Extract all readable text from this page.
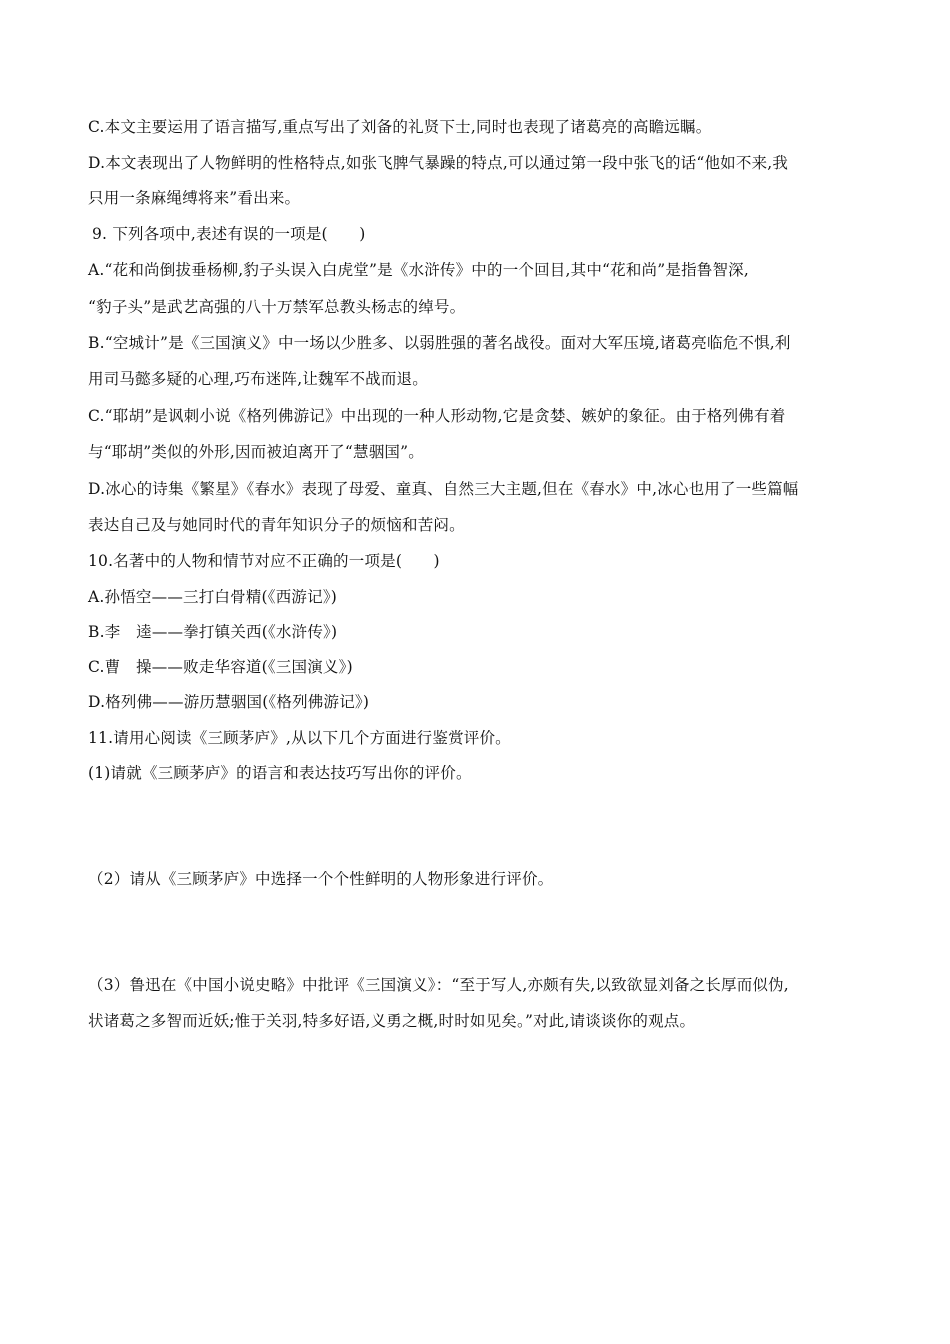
C.本文主要运用了语言描写,重点写出了刘备的礼贤下士,同时也表现了诸葛亮的高瞻远瞩。
D.本文表现出了人物鲜明的性格特点,如张飞脾气暴躁的特点,可以通过第一段中张飞的话“他如不来,我
只用一条麻绳缚将来”看出来。
9. 下列各项中,表述有误的一项是(　　)
A.“花和尚倒拔垂杨柳,豹子头误入白虎堂”是《水浒传》中的一个回目,其中“花和尚”是指鲁智深,
“豹子头”是武艺高强的八十万禁军总教头杨志的绰号。
B.“空城计”是《三国演义》中一场以少胜多、以弱胜强的著名战役。面对大军压境,诸葛亮临危不惧,利
用司马懿多疑的心理,巧布迷阵,让魏军不战而退。
C.“耶胡”是讽刺小说《格列佛游记》中出现的一种人形动物,它是贪婪、嫉妒的象征。由于格列佛有着
与“耶胡”类似的外形,因而被迫离开了“慧骃国”。
D.冰心的诗集《繁星》《春水》表现了母爱、童真、自然三大主题,但在《春水》中,冰心也用了一些篇幅
表达自己及与她同时代的青年知识分子的烦恼和苦闷。
10.名著中的人物和情节对应不正确的一项是(　　)
A.孙悟空——三打白骨精(《西游记》)
B.李　逵——拳打镇关西(《水浒传》)
C.曹　操——败走华容道(《三国演义》)
D.格列佛——游历慧骃国(《格列佛游记》)
11.请用心阅读《三顾茅庐》,从以下几个方面进行鉴赏评价。
(1)请就《三顾茅庐》的语言和表达技巧写出你的评价。
（2）请从《三顾茅庐》中选择一个个性鲜明的人物形象进行评价。
（3）鲁迅在《中国小说史略》中批评《三国演义》：“至于写人,亦颇有失,以致欲显刘备之长厚而似伪,
状诸葛之多智而近妖;惟于关羽,特多好语,义勇之概,时时如见矣。”对此,请谈谈你的观点。
